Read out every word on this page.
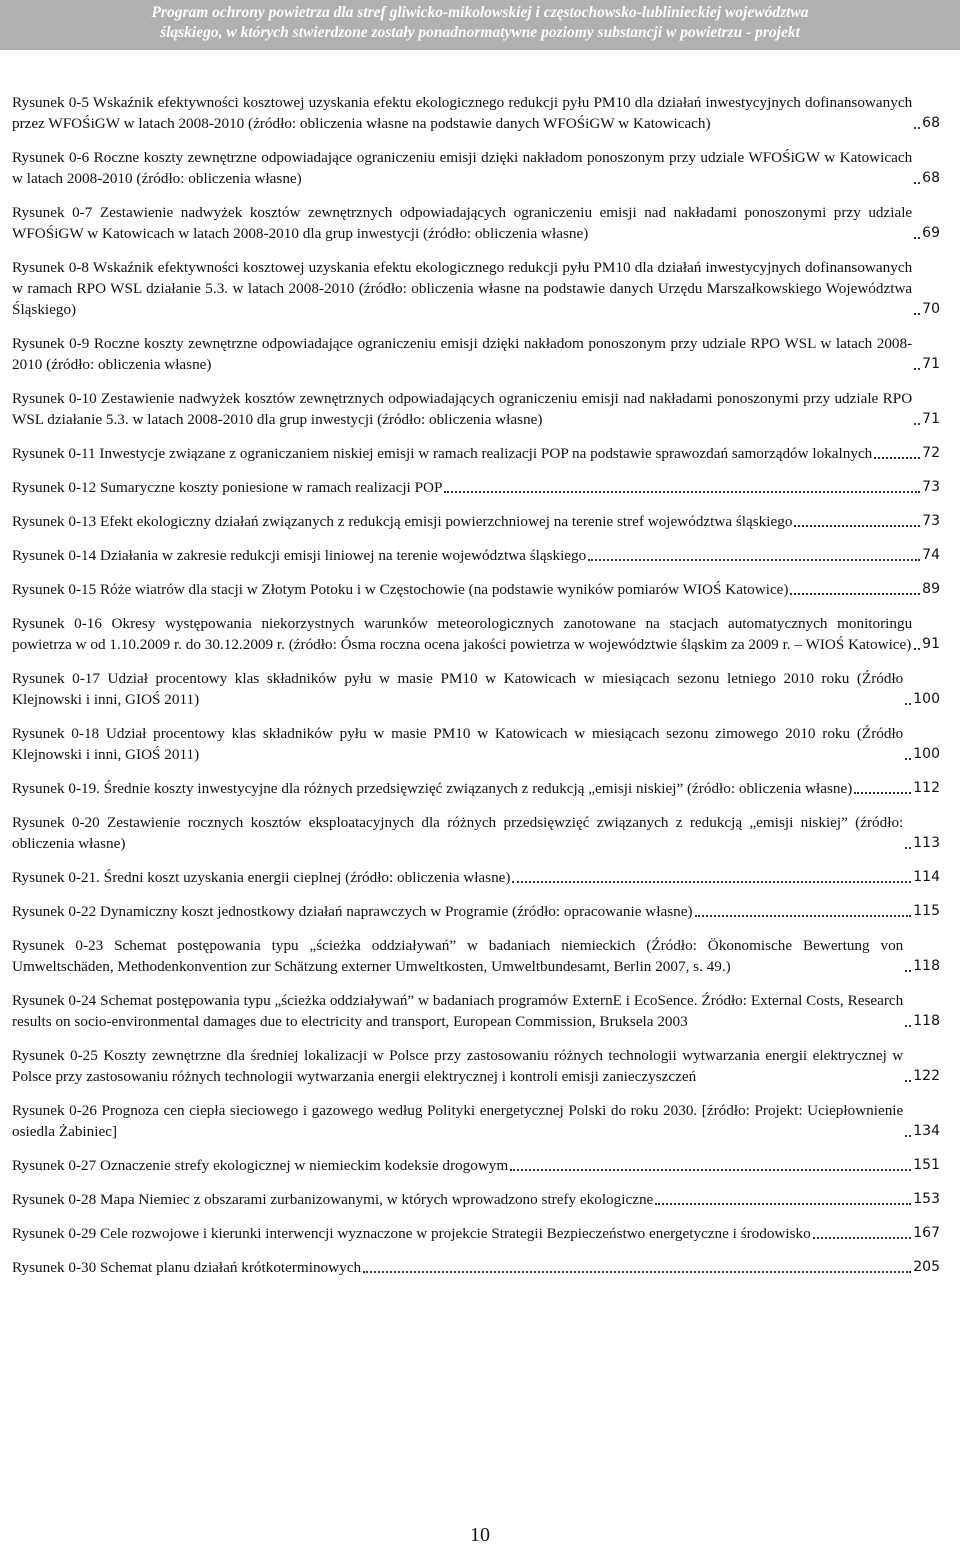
Program ochrony powietrza dla stref gliwicko-mikołowskiej i częstochowsko-lublinieckiej województwa
śląskiego, w których stwierdzone zostały ponadnormatywne poziomy substancji w powietrzu - projekt
Rysunek 0-5 Wskaźnik efektywności kosztowej uzyskania efektu ekologicznego redukcji pyłu PM10 dla działań inwestycyjnych dofinansowanych przez WFOŚiGW w latach 2008-2010 (źródło: obliczenia własne na podstawie danych WFOŚiGW w Katowicach)	68
Rysunek 0-6 Roczne koszty zewnętrzne odpowiadające ograniczeniu emisji dzięki nakładom ponoszonym przy udziale WFOŚiGW w Katowicach w latach 2008-2010 (źródło: obliczenia własne)	68
Rysunek 0-7 Zestawienie nadwyżek kosztów zewnętrznych odpowiadających ograniczeniu emisji nad nakładami ponoszonymi przy udziale WFOŚiGW w Katowicach w latach 2008-2010 dla grup inwestycji (źródło: obliczenia własne)	69
Rysunek 0-8 Wskaźnik efektywności kosztowej uzyskania efektu ekologicznego redukcji pyłu PM10 dla działań inwestycyjnych dofinansowanych w ramach RPO WSL działanie 5.3. w latach 2008-2010 (źródło: obliczenia własne na podstawie danych Urzędu Marszałkowskiego Województwa Śląskiego)	70
Rysunek 0-9 Roczne koszty zewnętrzne odpowiadające ograniczeniu emisji dzięki nakładom ponoszonym przy udziale RPO WSL w latach 2008-2010 (źródło: obliczenia własne)	71
Rysunek 0-10 Zestawienie nadwyżek kosztów zewnętrznych odpowiadających ograniczeniu emisji nad nakładami ponoszonymi przy udziale RPO WSL działanie 5.3. w latach 2008-2010 dla grup inwestycji (źródło: obliczenia własne)	71
Rysunek 0-11 Inwestycje związane z ograniczaniem niskiej emisji w ramach realizacji POP na podstawie sprawozdań samorządów lokalnych	72
Rysunek 0-12 Sumaryczne koszty poniesione w ramach realizacji POP	73
Rysunek 0-13 Efekt ekologiczny działań związanych z redukcją emisji powierzchniowej na terenie stref województwa śląskiego	73
Rysunek 0-14 Działania w zakresie redukcji emisji liniowej na terenie województwa śląskiego	74
Rysunek 0-15 Róże wiatrów dla stacji w Złotym Potoku i w Częstochowie (na podstawie wyników pomiarów WIOŚ Katowice)	89
Rysunek 0-16 Okresy występowania niekorzystnych warunków meteorologicznych zanotowane na stacjach automatycznych monitoringu powietrza w od 1.10.2009 r. do 30.12.2009 r. (źródło: Ósma roczna ocena jakości powietrza w województwie śląskim za 2009 r. – WIOŚ Katowice) 91
Rysunek 0-17 Udział procentowy klas składników pyłu w masie PM10 w Katowicach w miesiącach sezonu letniego 2010 roku (Źródło Klejnowski i inni, GIOŚ 2011)	100
Rysunek 0-18 Udział procentowy klas składników pyłu w masie PM10 w Katowicach w miesiącach sezonu zimowego 2010 roku (Źródło Klejnowski i inni, GIOŚ 2011)	100
Rysunek 0-19. Średnie koszty inwestycyjne dla różnych przedsięwzięć związanych z redukcją „emisji niskiej” (źródło: obliczenia własne)	112
Rysunek 0-20 Zestawienie rocznych kosztów eksploatacyjnych dla różnych przedsięwzięć związanych z redukcją „emisji niskiej” (źródło: obliczenia własne)	113
Rysunek 0-21. Średni koszt uzyskania energii cieplnej (źródło: obliczenia własne)	114
Rysunek 0-22 Dynamiczny koszt jednostkowy działań naprawczych w Programie (źródło: opracowanie własne)	115
Rysunek 0-23 Schemat postępowania typu „ścieżka oddziaływań” w badaniach niemieckich (Źródło: Ökonomische Bewertung von Umweltschäden, Methodenkonvention zur Schätzung externer Umweltkosten, Umweltbundesamt, Berlin 2007, s. 49.)	118
Rysunek 0-24 Schemat postępowania typu „ścieżka oddziaływań” w badaniach programów ExternE i EcoSence. Źródło: External Costs, Research results on socio-environmental damages due to electricity and transport, European Commission, Bruksela 2003	118
Rysunek 0-25 Koszty zewnętrzne dla średniej lokalizacji w Polsce przy zastosowaniu różnych technologii wytwarzania energii elektrycznej w Polsce przy zastosowaniu różnych technologii wytwarzania energii elektrycznej i kontroli emisji zanieczyszczeń	122
Rysunek 0-26 Prognoza cen ciepła sieciowego i gazowego według Polityki energetycznej Polski do roku 2030. [źródło: Projekt: Uciepłownienie osiedla Żabiniec]	134
Rysunek 0-27 Oznaczenie strefy ekologicznej w niemieckim kodeksie drogowym	151
Rysunek 0-28 Mapa Niemiec z obszarami zurbanizowanymi, w których wprowadzono strefy ekologiczne	153
Rysunek 0-29 Cele rozwojowe i kierunki interwencji wyznaczone w projekcie Strategii Bezpieczeństwo energetyczne i środowisko	167
Rysunek 0-30 Schemat planu działań krótkoterminowych	205
10
